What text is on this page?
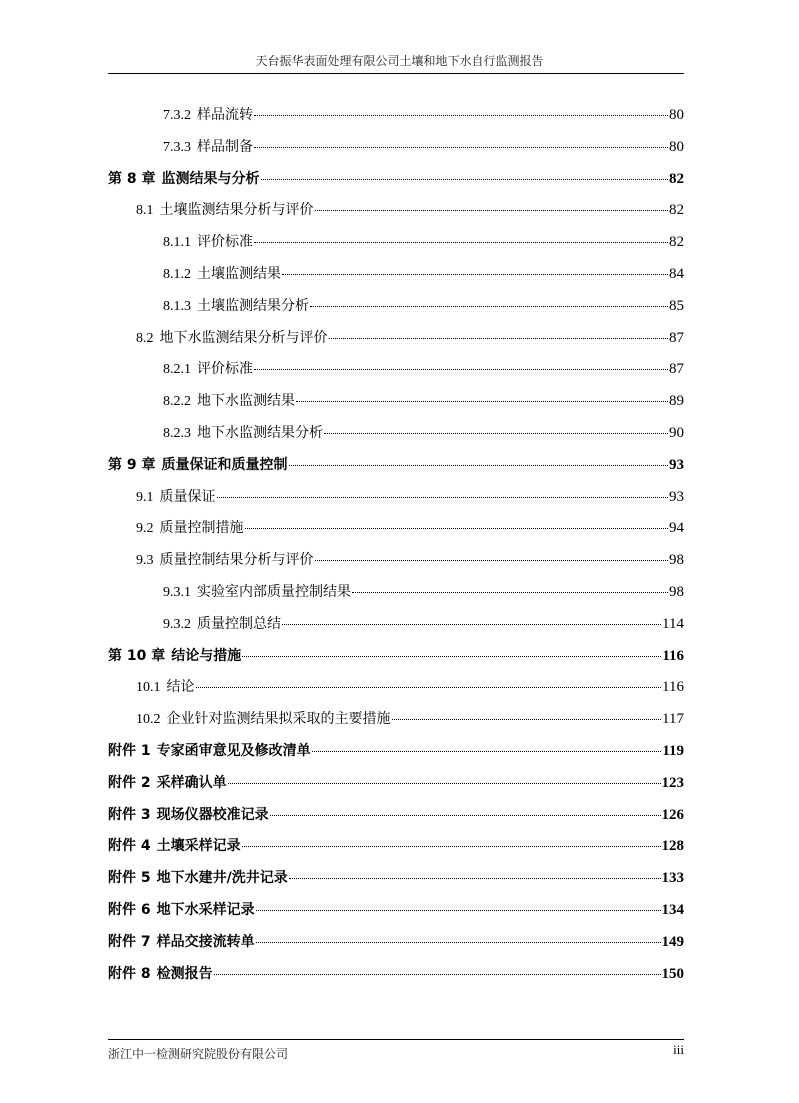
天台振华表面处理有限公司土壤和地下水自行监测报告
7.3.2 样品流转	80
7.3.3 样品制备	80
第 8 章 监测结果与分析	82
8.1 土壤监测结果分析与评价	82
8.1.1 评价标准	82
8.1.2 土壤监测结果	84
8.1.3 土壤监测结果分析	85
8.2 地下水监测结果分析与评价	87
8.2.1 评价标准	87
8.2.2 地下水监测结果	89
8.2.3 地下水监测结果分析	90
第 9 章 质量保证和质量控制	93
9.1 质量保证	93
9.2 质量控制措施	94
9.3 质量控制结果分析与评价	98
9.3.1 实验室内部质量控制结果	98
9.3.2 质量控制总结	114
第 10 章 结论与措施	116
10.1 结论	116
10.2 企业针对监测结果拟采取的主要措施	117
附件 1 专家函审意见及修改清单	119
附件 2 采样确认单	123
附件 3 现场仪器校准记录	126
附件 4 土壤采样记录	128
附件 5 地下水建井/洗井记录	133
附件 6 地下水采样记录	134
附件 7 样品交接流转单	149
附件 8 检测报告	150
浙江中一检测研究院股份有限公司	iii
